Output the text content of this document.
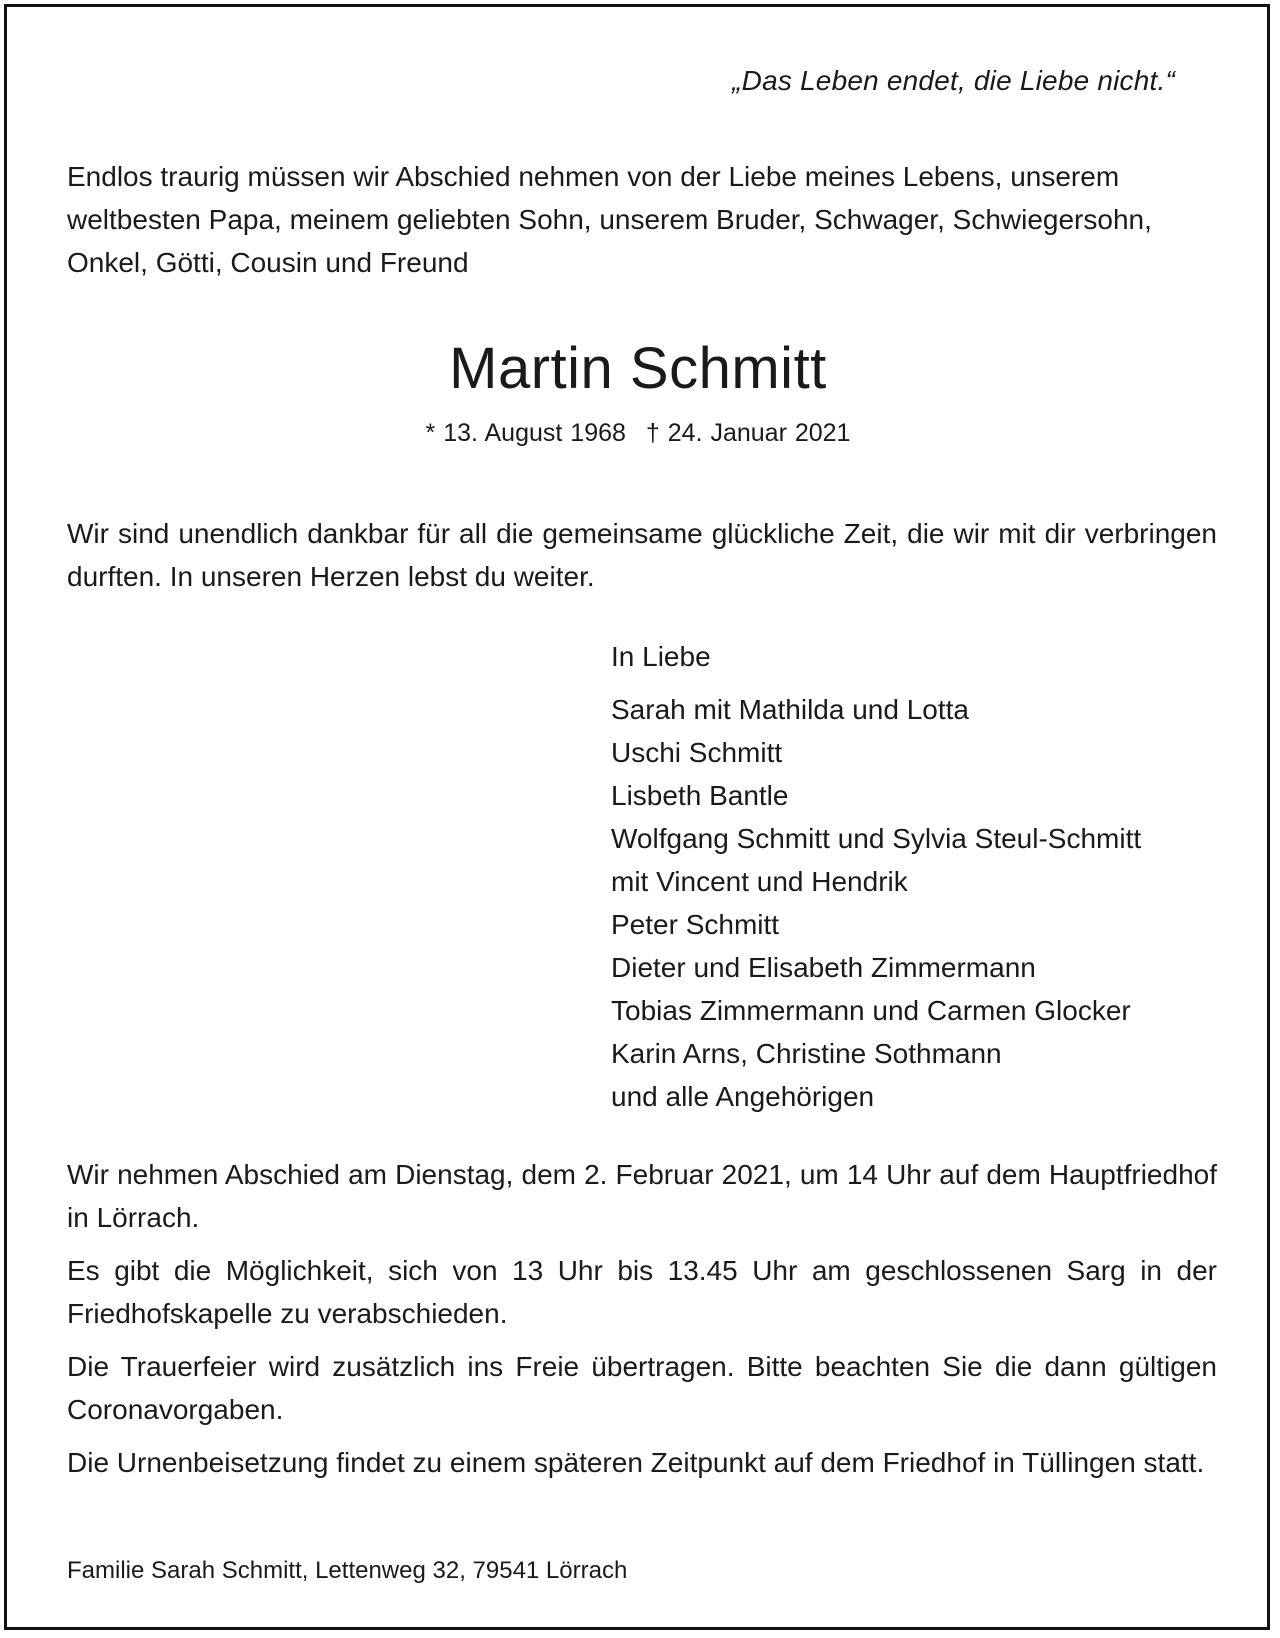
„Das Leben endet, die Liebe nicht.“
Endlos traurig müssen wir Abschied nehmen von der Liebe meines Lebens, unserem weltbesten Papa, meinem geliebten Sohn, unserem Bruder, Schwager, Schwiegersohn, Onkel, Götti, Cousin und Freund
Martin Schmitt
* 13. August 1968 † 24. Januar 2021
Wir sind unendlich dankbar für all die gemeinsame glückliche Zeit, die wir mit dir verbringen durften. In unseren Herzen lebst du weiter.
In Liebe
Sarah mit Mathilda und Lotta
Uschi Schmitt
Lisbeth Bantle
Wolfgang Schmitt und Sylvia Steul-Schmitt
mit Vincent und Hendrik
Peter Schmitt
Dieter und Elisabeth Zimmermann
Tobias Zimmermann und Carmen Glocker
Karin Arns, Christine Sothmann
und alle Angehörigen

Wir nehmen Abschied am Dienstag, dem 2. Februar 2021, um 14 Uhr auf dem Hauptfriedhof in Lörrach.

Es gibt die Möglichkeit, sich von 13 Uhr bis 13.45 Uhr am geschlossenen Sarg in der Friedhofskapelle zu verabschieden.

Die Trauerfeier wird zusätzlich ins Freie übertragen. Bitte beachten Sie die dann gültigen Coronavorgaben.

Die Urnenbeisetzung findet zu einem späteren Zeitpunkt auf dem Friedhof in Tüllingen statt.

Familie Sarah Schmitt, Lettenweg 32, 79541 Lörrach
